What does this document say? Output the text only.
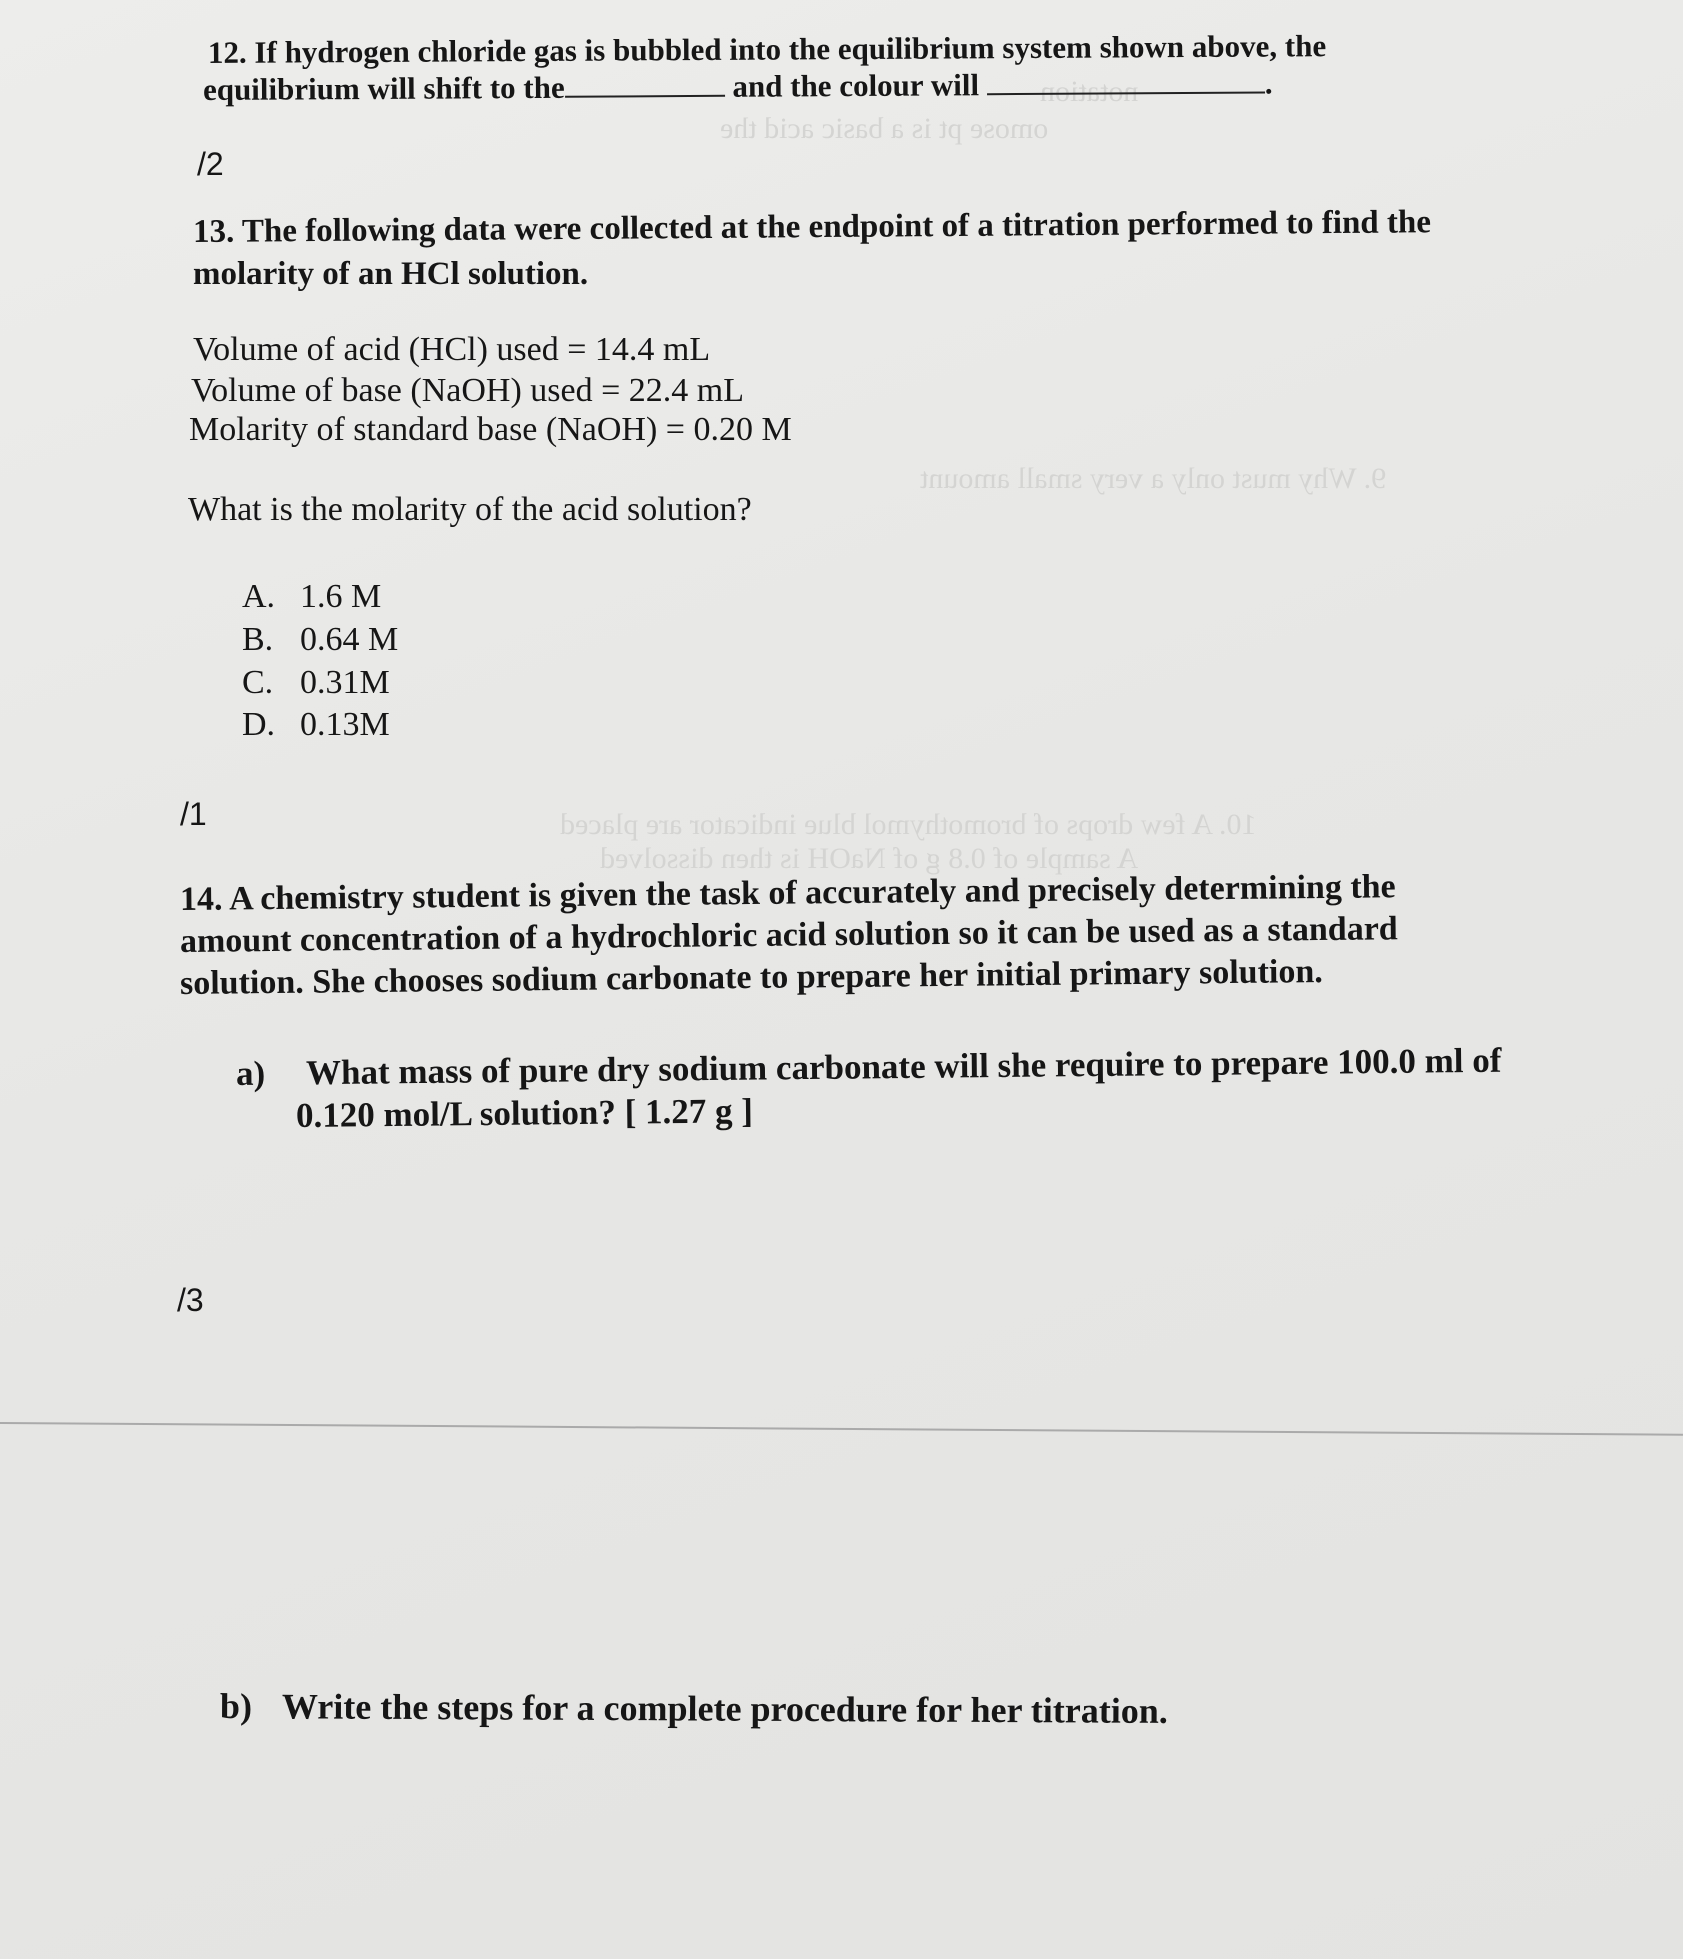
notation
omose pt is a basic acid the
9. Why must only a very small amount
10. A few drops of bromothymol blue indicator are placed
A sample of 0.8 g of NaOH is then dissolved
12. If hydrogen chloride gas is bubbled into the equilibrium system shown above, the
equilibrium will shift to the	and the colour will	.
/2
13. The following data were collected at the endpoint of a titration performed to find the
molarity of an HCl solution.
Volume of acid (HCl) used = 14.4 mL
Volume of base (NaOH) used = 22.4 mL
Molarity of standard base (NaOH) = 0.20 M
What is the molarity of the acid solution?
A. 1.6 M
B. 0.64 M
C. 0.31M
D. 0.13M
/1
14. A chemistry student is given the task of accurately and precisely determining the
amount concentration of a hydrochloric acid solution so it can be used as a standard
solution. She chooses sodium carbonate to prepare her initial primary solution.
a) What mass of pure dry sodium carbonate will she require to prepare 100.0 ml of
0.120 mol/L solution? [ 1.27 g ]
/3
b) Write the steps for a complete procedure for her titration.
